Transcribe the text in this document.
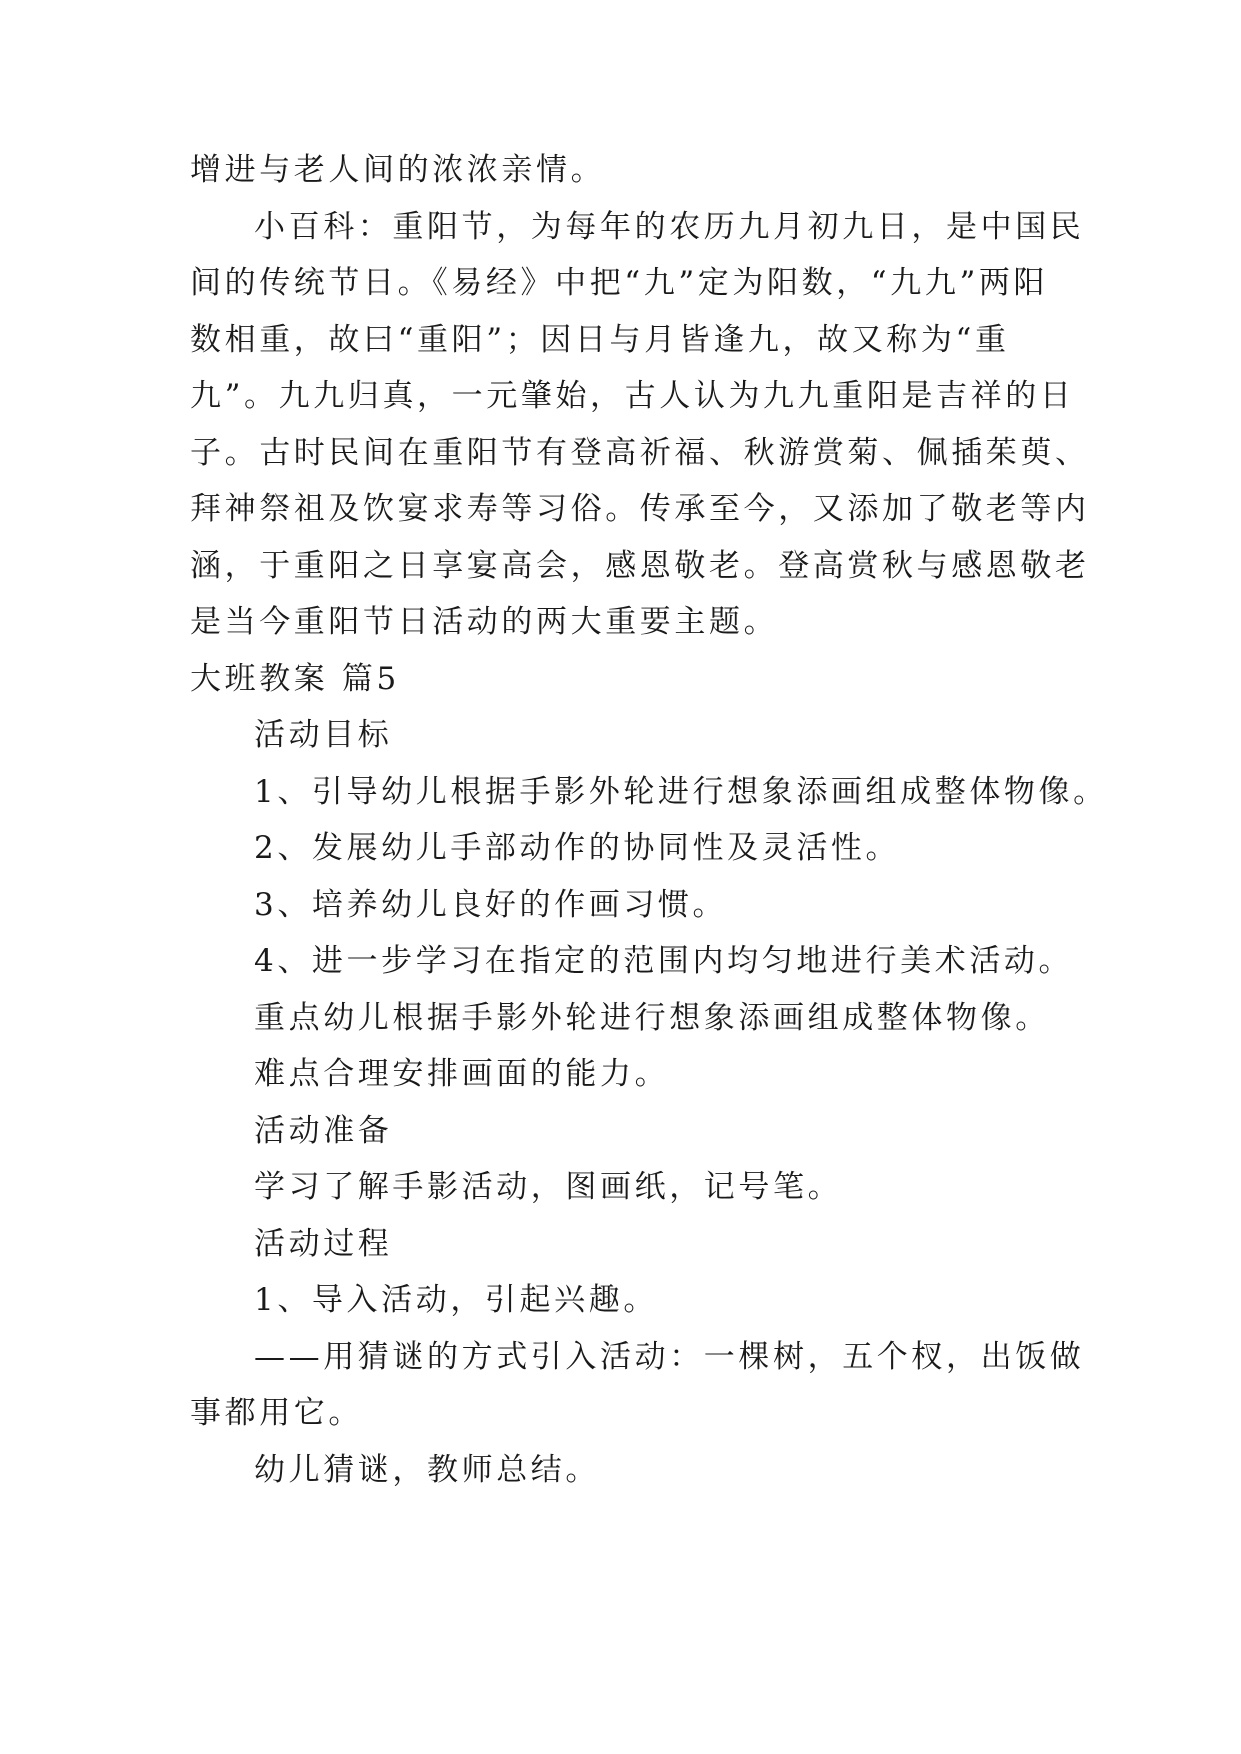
增进与老人间的浓浓亲情。
小百科：重阳节，为每年的农历九月初九日，是中国民
间的传统节日。《易经》中把“九”定为阳数，“九九”两阳
数相重，故曰“重阳”；因日与月皆逢九，故又称为“重
九”。九九归真，一元肇始，古人认为九九重阳是吉祥的日
子。古时民间在重阳节有登高祈福、秋游赏菊、佩插茱萸、
拜神祭祖及饮宴求寿等习俗。传承至今，又添加了敬老等内
涵，于重阳之日享宴高会，感恩敬老。登高赏秋与感恩敬老
是当今重阳节日活动的两大重要主题。
大班教案 篇5
活动目标
1、引导幼儿根据手影外轮进行想象添画组成整体物像。
2、发展幼儿手部动作的协同性及灵活性。
3、培养幼儿良好的作画习惯。
4、进一步学习在指定的范围内均匀地进行美术活动。
重点幼儿根据手影外轮进行想象添画组成整体物像。
难点合理安排画面的能力。
活动准备
学习了解手影活动，图画纸，记号笔。
活动过程
1、导入活动，引起兴趣。
——用猜谜的方式引入活动：一棵树，五个杈，出饭做
事都用它。
幼儿猜谜，教师总结。
